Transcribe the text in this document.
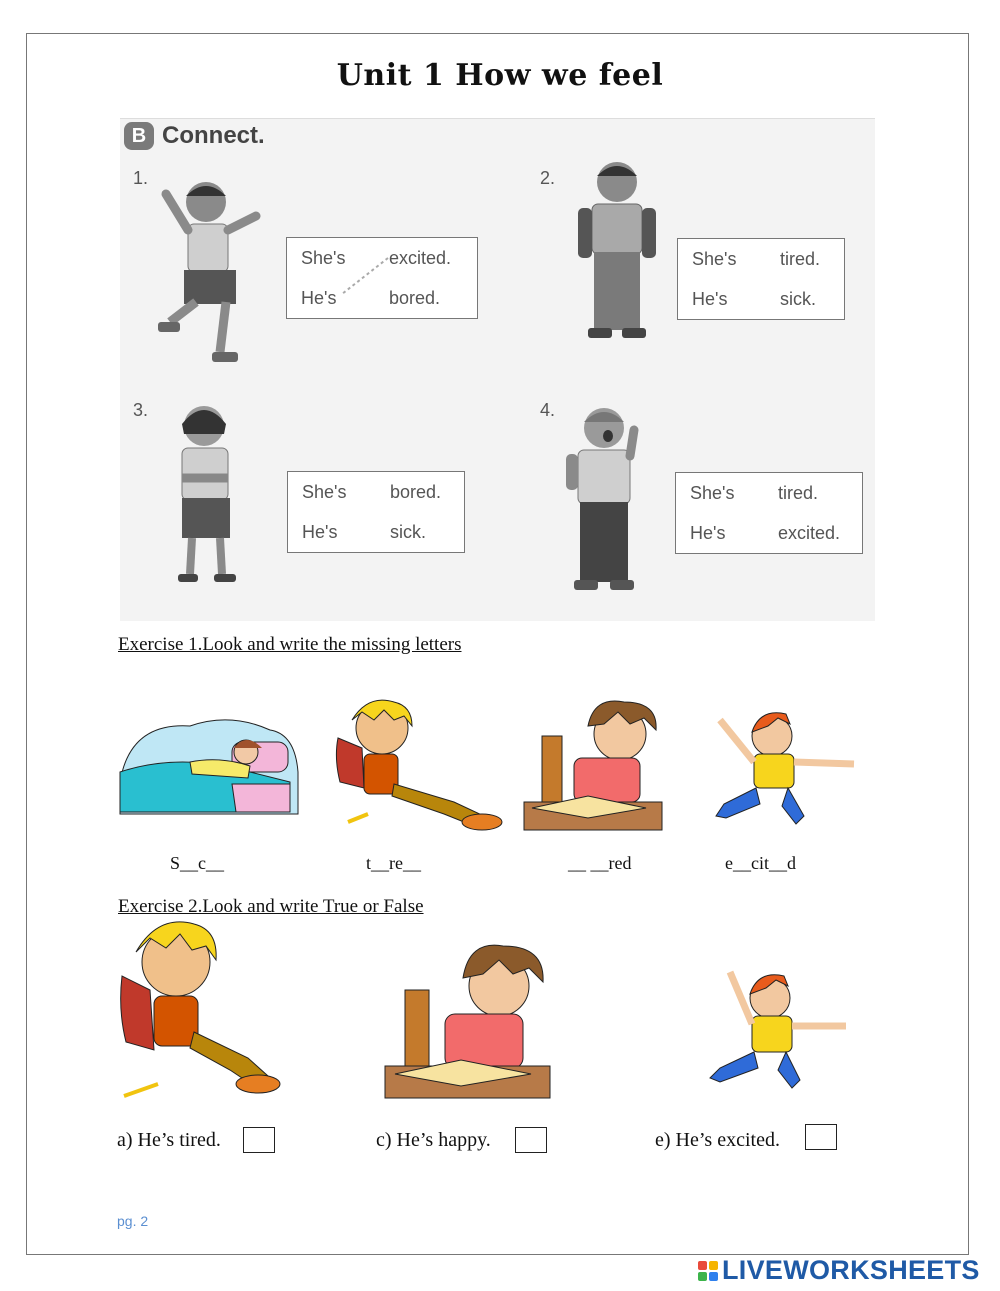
Unit 1 How we feel
B Connect.
1.
She's	excited.
He's	bored.
2.
She's	tired.
He's	sick.
3.
She's	bored.
He's	sick.
4.
She's	tired.
He's	excited.
Exercise 1.Look and write the missing letters
S__c__	t__re__	__ __red	e__cit__d
Exercise 2.Look and write True or False
a) He’s tired.	c) He’s happy.	e) He’s excited.
pg. 2
LIVEWORKSHEETS
